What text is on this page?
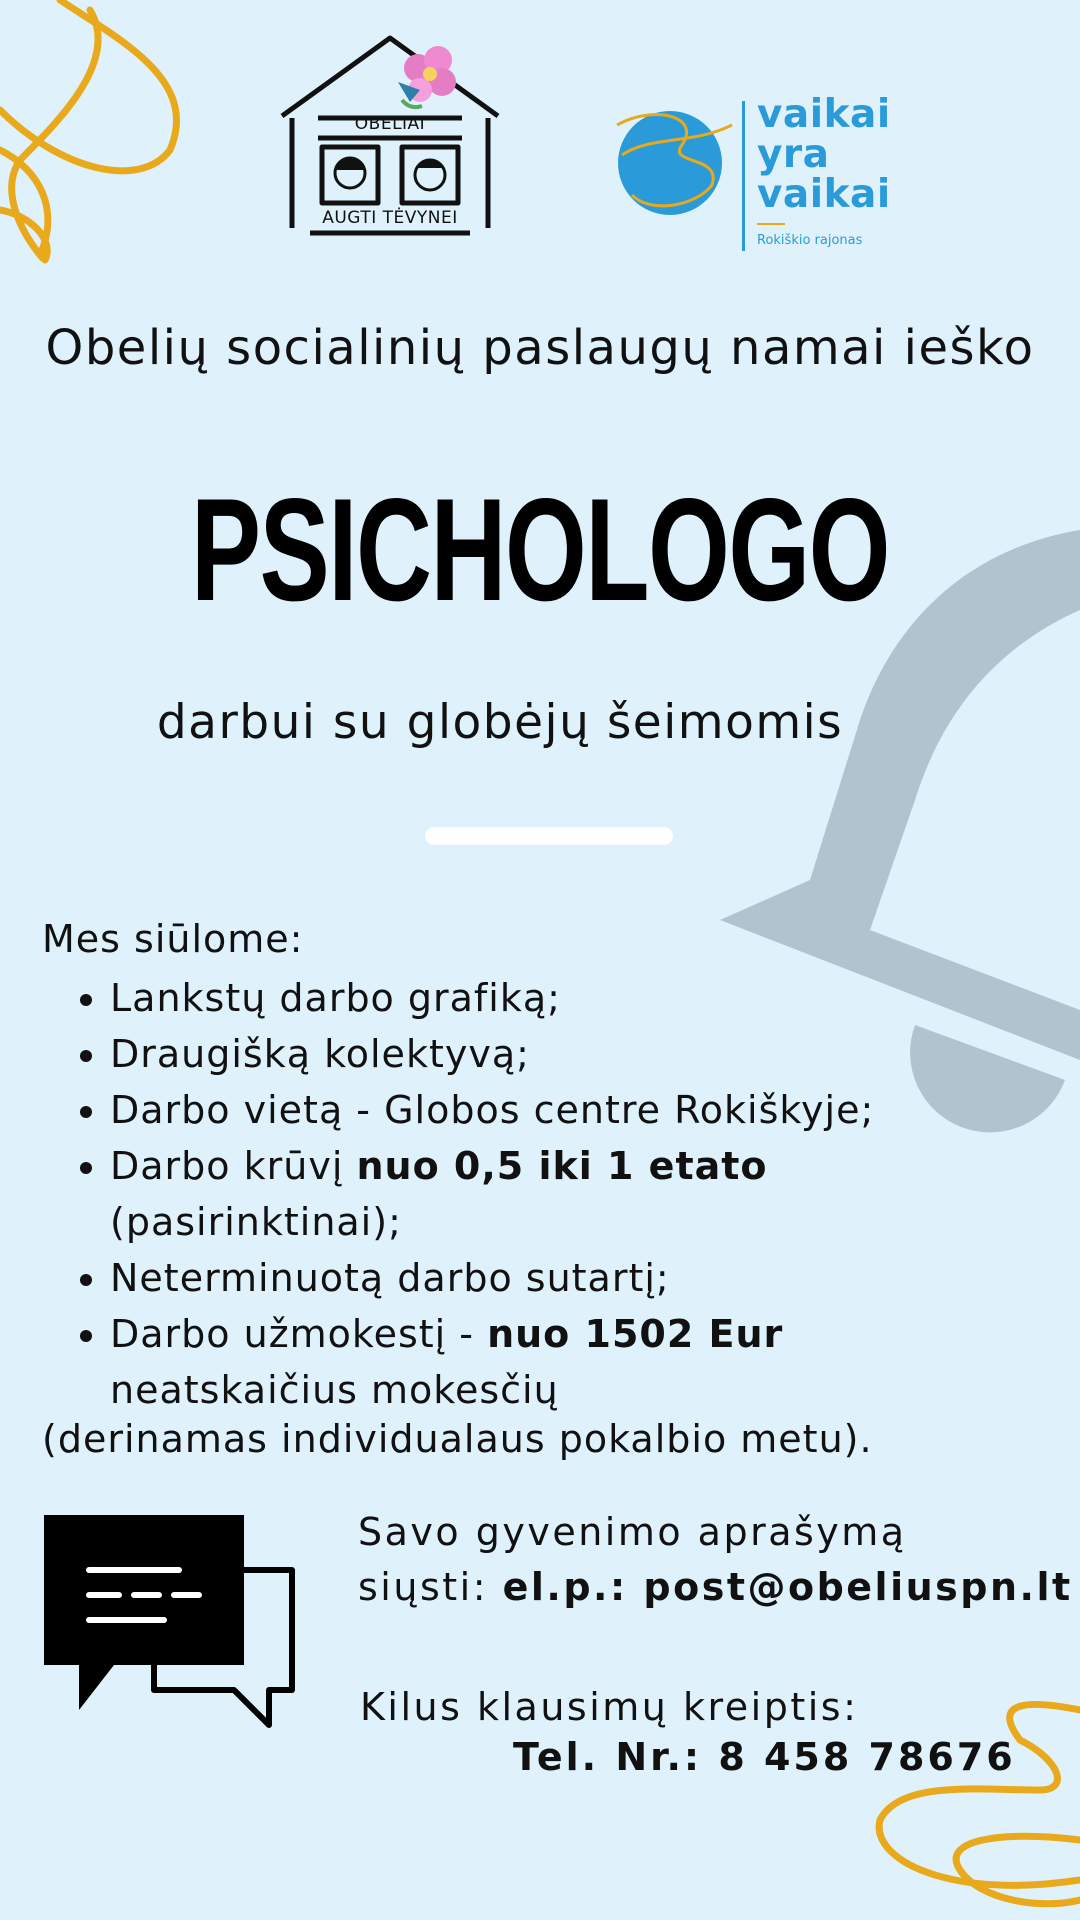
OBELIAI
AUGTI TĖVYNEI
vaikai
yra
vaikai
Rokiškio rajonas
Obelių socialinių paslaugų namai ieško
PSICHOLOGO
darbui su globėjų šeimomis
Mes siūlome:
• Lankstų darbo grafiką;
• Draugišką kolektyvą;
• Darbo vietą - Globos centre Rokiškyje;
• Darbo krūvį nuo 0,5 iki 1 etato (pasirinktinai);
• Neterminuotą darbo sutartį;
• Darbo užmokestį - nuo 1502 Eur neatskaičius mokesčių
(derinamas individualaus pokalbio metu).
Savo gyvenimo aprašymą
siųsti: el.p.: post@obeliuspn.lt
Kilus klausimų kreiptis:
Tel. Nr.: 8 458 78676
